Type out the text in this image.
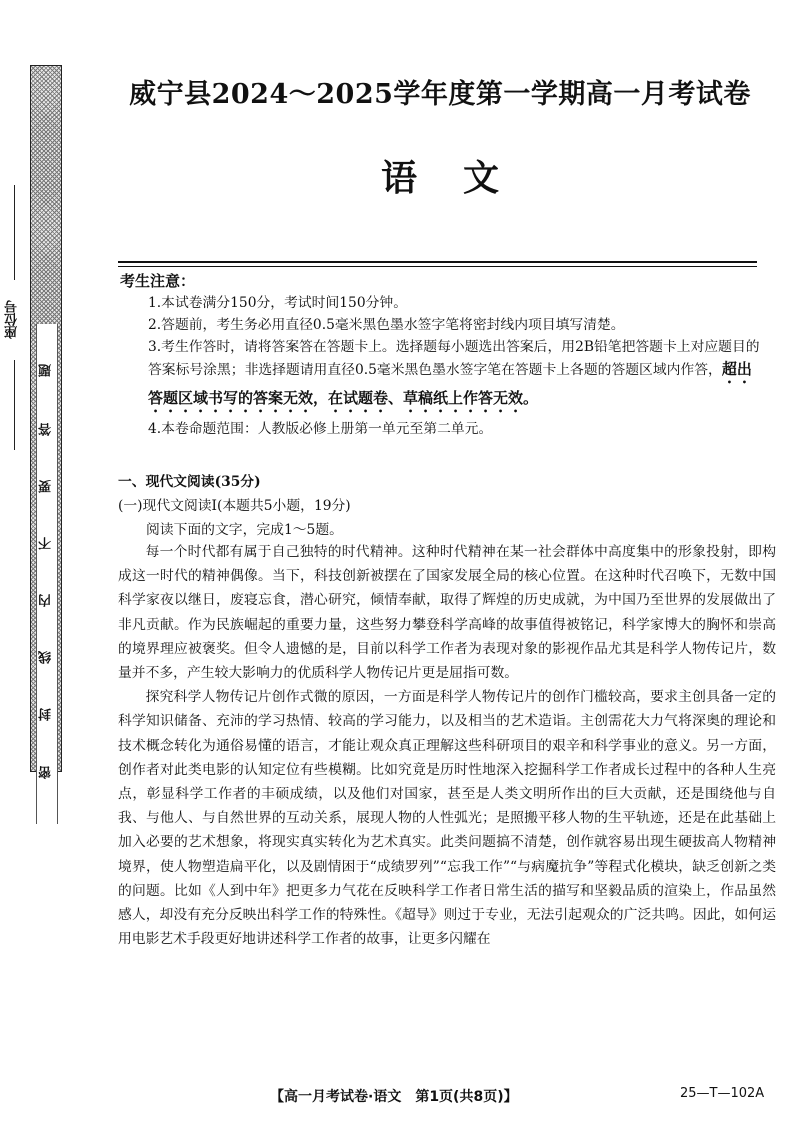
密
封
线
内
不
要
答
题
座位号
威宁县2024～2025学年度第一学期高一月考试卷
语文
考生注意：

1.本试卷满分150分，考试时间150分钟。

2.答题前，考生务必用直径0.5毫米黑色墨水签字笔将密封线内项目填写清楚。

3.考生作答时，请将答案答在答题卡上。选择题每小题选出答案后，用2B铅笔把答题卡上对应题目的答案标号涂黑；非选择题请用直径0.5毫米黑色墨水签字笔在答题卡上各题的答题区域内作答，超出答题区域书写的答案无效，在试题卷、草稿纸上作答无效。

4.本卷命题范围：人教版必修上册第一单元至第二单元。

一、现代文阅读(35分)
(一)现代文阅读Ⅰ(本题共5小题，19分)
阅读下面的文字，完成1～5题。

每一个时代都有属于自己独特的时代精神。这种时代精神在某一社会群体中高度集中的形象投射，即构成这一时代的精神偶像。当下，科技创新被摆在了国家发展全局的核心位置。在这种时代召唤下，无数中国科学家夜以继日，废寝忘食，潜心研究，倾情奉献，取得了辉煌的历史成就，为中国乃至世界的发展做出了非凡贡献。作为民族崛起的重要力量，这些努力攀登科学高峰的故事值得被铭记，科学家博大的胸怀和崇高的境界理应被褒奖。但令人遗憾的是，目前以科学工作者为表现对象的影视作品尤其是科学人物传记片，数量并不多，产生较大影响力的优质科学人物传记片更是屈指可数。

探究科学人物传记片创作式微的原因，一方面是科学人物传记片的创作门槛较高，要求主创具备一定的科学知识储备、充沛的学习热情、较高的学习能力，以及相当的艺术造诣。主创需花大力气将深奥的理论和技术概念转化为通俗易懂的语言，才能让观众真正理解这些科研项目的艰辛和科学事业的意义。另一方面，创作者对此类电影的认知定位有些模糊。比如究竟是历时性地深入挖掘科学工作者成长过程中的各种人生亮点，彰显科学工作者的丰硕成绩，以及他们对国家，甚至是人类文明所作出的巨大贡献，还是围绕他与自我、与他人、与自然世界的互动关系，展现人物的人性弧光；是照搬平移人物的生平轨迹，还是在此基础上加入必要的艺术想象，将现实真实转化为艺术真实。此类问题搞不清楚，创作就容易出现生硬拔高人物精神境界，使人物塑造扁平化，以及剧情困于“成绩罗列”“忘我工作”“与病魔抗争”等程式化模块，缺乏创新之类的问题。比如《人到中年》把更多力气花在反映科学工作者日常生活的描写和坚毅品质的渲染上，作品虽然感人，却没有充分反映出科学工作的特殊性。《超导》则过于专业，无法引起观众的广泛共鸣。因此，如何运用电影艺术手段更好地讲述科学工作者的故事，让更多闪耀在

【高一月考试卷·语文　第1页(共8页)】	25—T—102A
